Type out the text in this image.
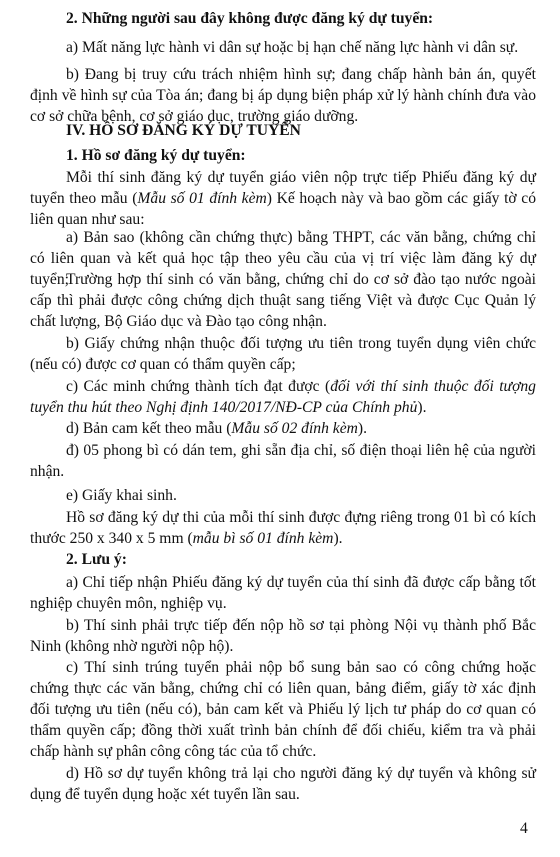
2. Những người sau đây không được đăng ký dự tuyển:

a) Mất năng lực hành vi dân sự hoặc bị hạn chế năng lực hành vi dân sự.

b) Đang bị truy cứu trách nhiệm hình sự; đang chấp hành bản án, quyết định về hình sự của Tòa án; đang bị áp dụng biện pháp xử lý hành chính đưa vào cơ sở chữa bệnh, cơ sở giáo dục, trường giáo dưỡng.

IV. HỒ SƠ ĐĂNG KÝ DỰ TUYỂN

1. Hồ sơ đăng ký dự tuyển:

Mỗi thí sinh đăng ký dự tuyển giáo viên nộp trực tiếp Phiếu đăng ký dự tuyển theo mẫu (Mẫu số 01 đính kèm) Kế hoạch này và bao gồm các giấy tờ có liên quan như sau:

a) Bản sao (không cần chứng thực) bằng THPT, các văn bằng, chứng chỉ có liên quan và kết quả học tập theo yêu cầu của vị trí việc làm đăng ký dự tuyển;

Trường hợp thí sinh có văn bằng, chứng chỉ do cơ sở đào tạo nước ngoài cấp thì phải được công chứng dịch thuật sang tiếng Việt và được Cục Quản lý chất lượng, Bộ Giáo dục và Đào tạo công nhận.

b) Giấy chứng nhận thuộc đối tượng ưu tiên trong tuyển dụng viên chức (nếu có) được cơ quan có thẩm quyền cấp;

c) Các minh chứng thành tích đạt được (đối với thí sinh thuộc đối tượng tuyển thu hút theo Nghị định 140/2017/NĐ-CP của Chính phủ).

d) Bản cam kết theo mẫu (Mẫu số 02 đính kèm).

đ) 05 phong bì có dán tem, ghi sẵn địa chỉ, số điện thoại liên hệ của người nhận.

e) Giấy khai sinh.

Hồ sơ đăng ký dự thi của mỗi thí sinh được đựng riêng trong 01 bì có kích thước 250 x 340 x 5 mm (mẫu bì số 01 đính kèm).

2. Lưu ý:

a) Chỉ tiếp nhận Phiếu đăng ký dự tuyển của thí sinh đã được cấp bằng tốt nghiệp chuyên môn, nghiệp vụ.

b) Thí sinh phải trực tiếp đến nộp hồ sơ tại phòng Nội vụ thành phố Bắc Ninh (không nhờ người nộp hộ).

c) Thí sinh trúng tuyển phải nộp bổ sung bản sao có công chứng hoặc chứng thực các văn bằng, chứng chỉ có liên quan, bảng điểm, giấy tờ xác định đối tượng ưu tiên (nếu có), bản cam kết và Phiếu lý lịch tư pháp do cơ quan có thẩm quyền cấp; đồng thời xuất trình bản chính để đối chiếu, kiểm tra và phải chấp hành sự phân công công tác của tổ chức.

d) Hồ sơ dự tuyển không trả lại cho người đăng ký dự tuyển và không sử dụng để tuyển dụng hoặc xét tuyển lần sau.

4
